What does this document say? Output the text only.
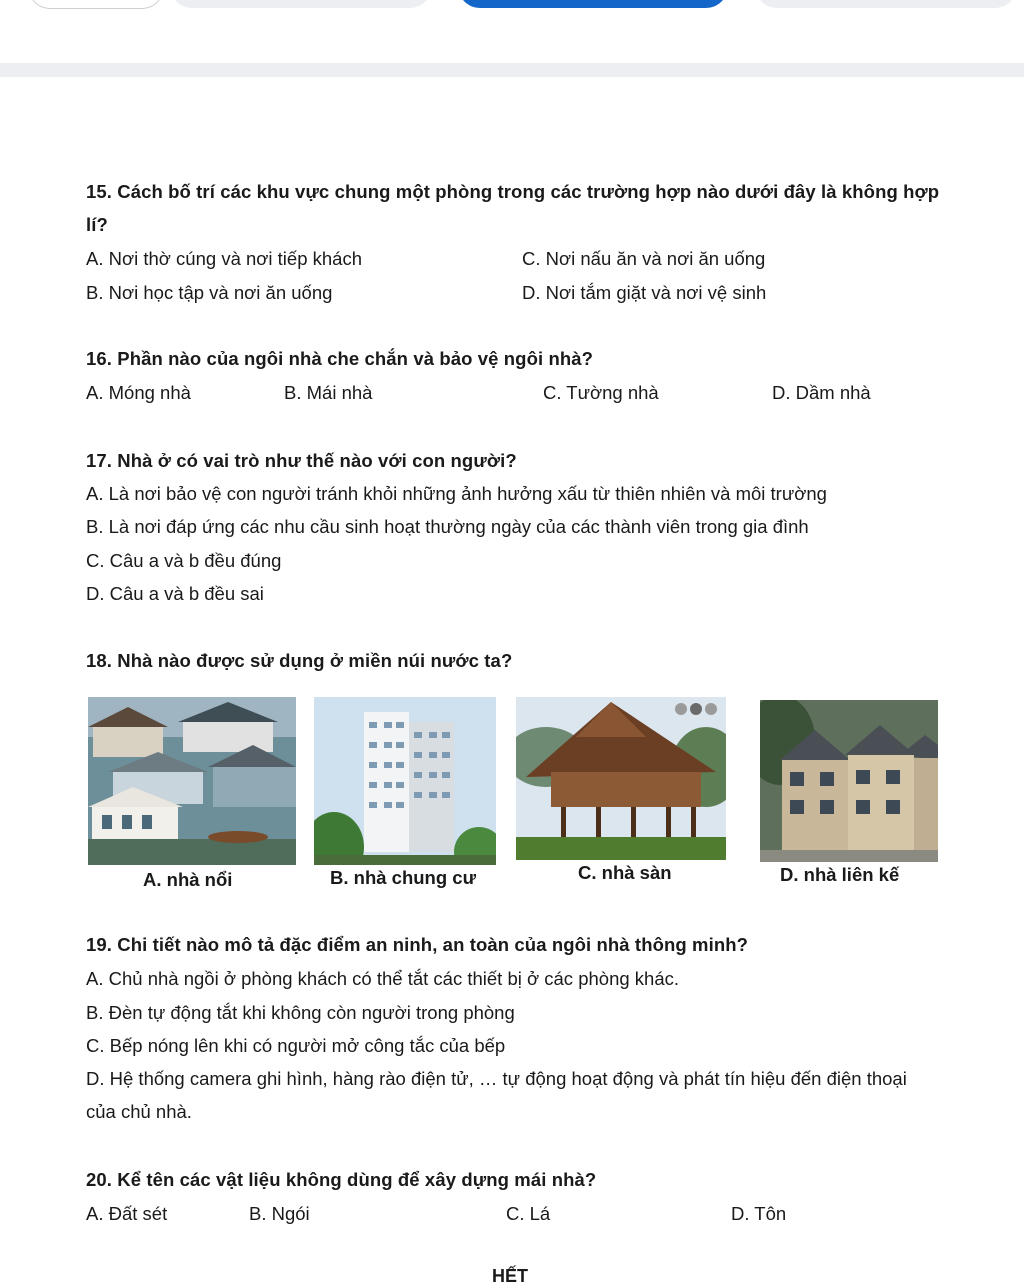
15. Cách bố trí các khu vực chung một phòng trong các trường hợp nào dưới đây là không hợp lí?
A. Nơi thờ cúng và nơi tiếp khách	C. Nơi nấu ăn và nơi ăn uống
B. Nơi học tập và nơi ăn uống	D. Nơi tắm giặt và nơi vệ sinh
16. Phần nào của ngôi nhà che chắn và bảo vệ ngôi nhà?
A. Móng nhà	B. Mái nhà	C. Tường nhà	D. Dầm nhà
17. Nhà ở có vai trò như thế nào với con người?
A. Là nơi bảo vệ con người tránh khỏi những ảnh hưởng xấu từ thiên nhiên và môi trường
B. Là nơi đáp ứng các nhu cầu sinh hoạt thường ngày của các thành viên trong gia đình
C. Câu a và b đều đúng
D. Câu a và b đều sai
18. Nhà nào được sử dụng ở miền núi nước ta?
A. nhà nổi	B. nhà chung cư	C. nhà sàn	D. nhà liên kế
19. Chi tiết nào mô tả đặc điểm an ninh, an toàn của ngôi nhà thông minh?
A. Chủ nhà ngồi ở phòng khách có thể tắt các thiết bị ở các phòng khác.
B. Đèn tự động tắt khi không còn người trong phòng
C. Bếp nóng lên khi có người mở công tắc của bếp
D. Hệ thống camera ghi hình, hàng rào điện tử, … tự động hoạt động và phát tín hiệu đến điện thoại của chủ nhà.
20. Kể tên các vật liệu không dùng để xây dựng mái nhà?
A. Đất sét	B. Ngói	C. Lá	D. Tôn
HẾT
